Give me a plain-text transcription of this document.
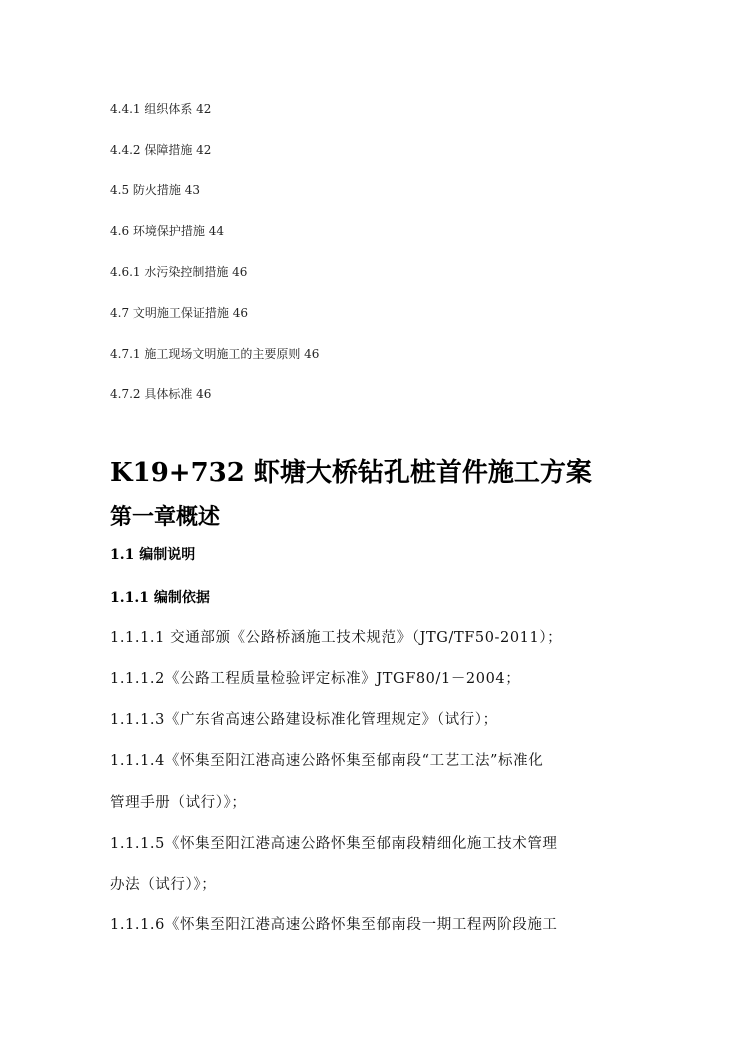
4.4.1 组织体系 42
4.4.2 保障措施 42
4.5 防火措施 43
4.6 环境保护措施 44
4.6.1 水污染控制措施 46
4.7 文明施工保证措施 46
4.7.1 施工现场文明施工的主要原则 46
4.7.2 具体标准 46
K19+732 虾塘大桥钻孔桩首件施工方案
第一章概述
1.1 编制说明
1.1.1 编制依据
1.1.1.1 交通部颁《公路桥涵施工技术规范》（JTG/TF50-2011）；
1.1.1.2《公路工程质量检验评定标准》JTGF80/1－2004；
1.1.1.3《广东省高速公路建设标准化管理规定》（试行）；
1.1.1.4《怀集至阳江港高速公路怀集至郁南段“工艺工法”标准化
管理手册（试行）》；
1.1.1.5《怀集至阳江港高速公路怀集至郁南段精细化施工技术管理
办法（试行）》；
1.1.1.6《怀集至阳江港高速公路怀集至郁南段一期工程两阶段施工
